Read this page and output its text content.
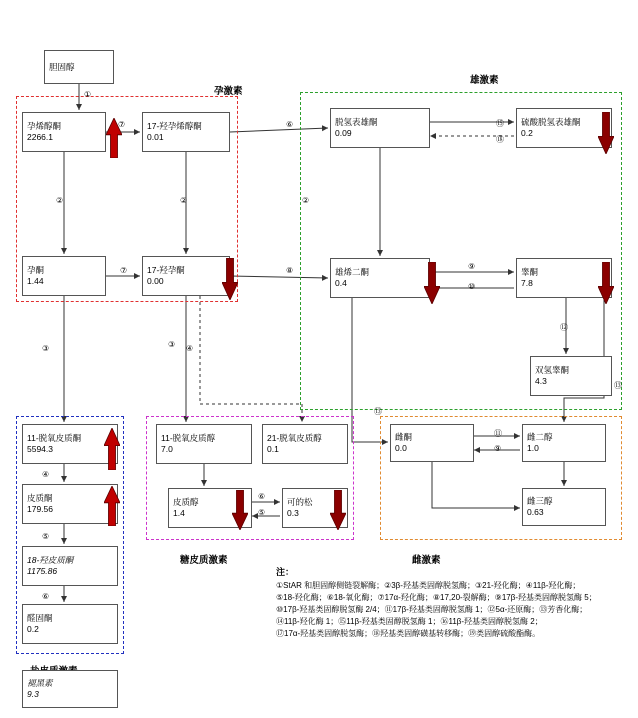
孕激素
雄激素
糖皮质激素	雌激素
胆固醇
孕烯醇酮
2266.1
17-羟孕烯醇酮
0.01
孕酮
1.44
17-羟孕酮
0.00
脱氢表雄酮
0.09
硫酸脱氢表雄酮
0.2
雄烯二酮
0.4
睾酮
7.8
双氢睾酮
4.3
11-脱氧皮质酮
5594.3
皮质酮
179.56
18-羟皮质酮
1175.86
醛固酮
0.2
褪黑素
9.3
11-脱氧皮质醇
7.0
21-脱氧皮质醇
0.1
皮质醇
1.4
可的松
0.3
雌酮
0.0
雌二醇
1.0
雌三醇
0.63
①
⑦
②	②
⑦
③	③ ④
④
⑤
⑥
⑥
②
⑧
⑮
⑱
⑨
⑩
⑫
⑬
⑬
⑪
⑨
⑥
⑤
注：
①StAR 和胆固醇侧链裂解酶；②3β-羟基类固醇脱氢酶；③21-羟化酶；④11β-羟化酶；
⑤18-羟化酶；⑥18-氧化酶；⑦17α-羟化酶；⑧17,20-裂解酶；⑨17β-羟基类固醇脱氢酶 5；
⑩17β-羟基类固醇脱氢酶 2/4；⑪17β-羟基类固醇脱氢酶 1；⑫5α-还原酶；⑬芳香化酶；
⑭11β-羟化酶 1；⑮11β-羟基类固醇脱氢酶 1；⑯11β-羟基类固醇脱氢酶 2；
⑰17α-羟基类固醇脱氢酶；⑱羟基类固醇磺基转移酶；⑲类固醇硫酸酯酶。
